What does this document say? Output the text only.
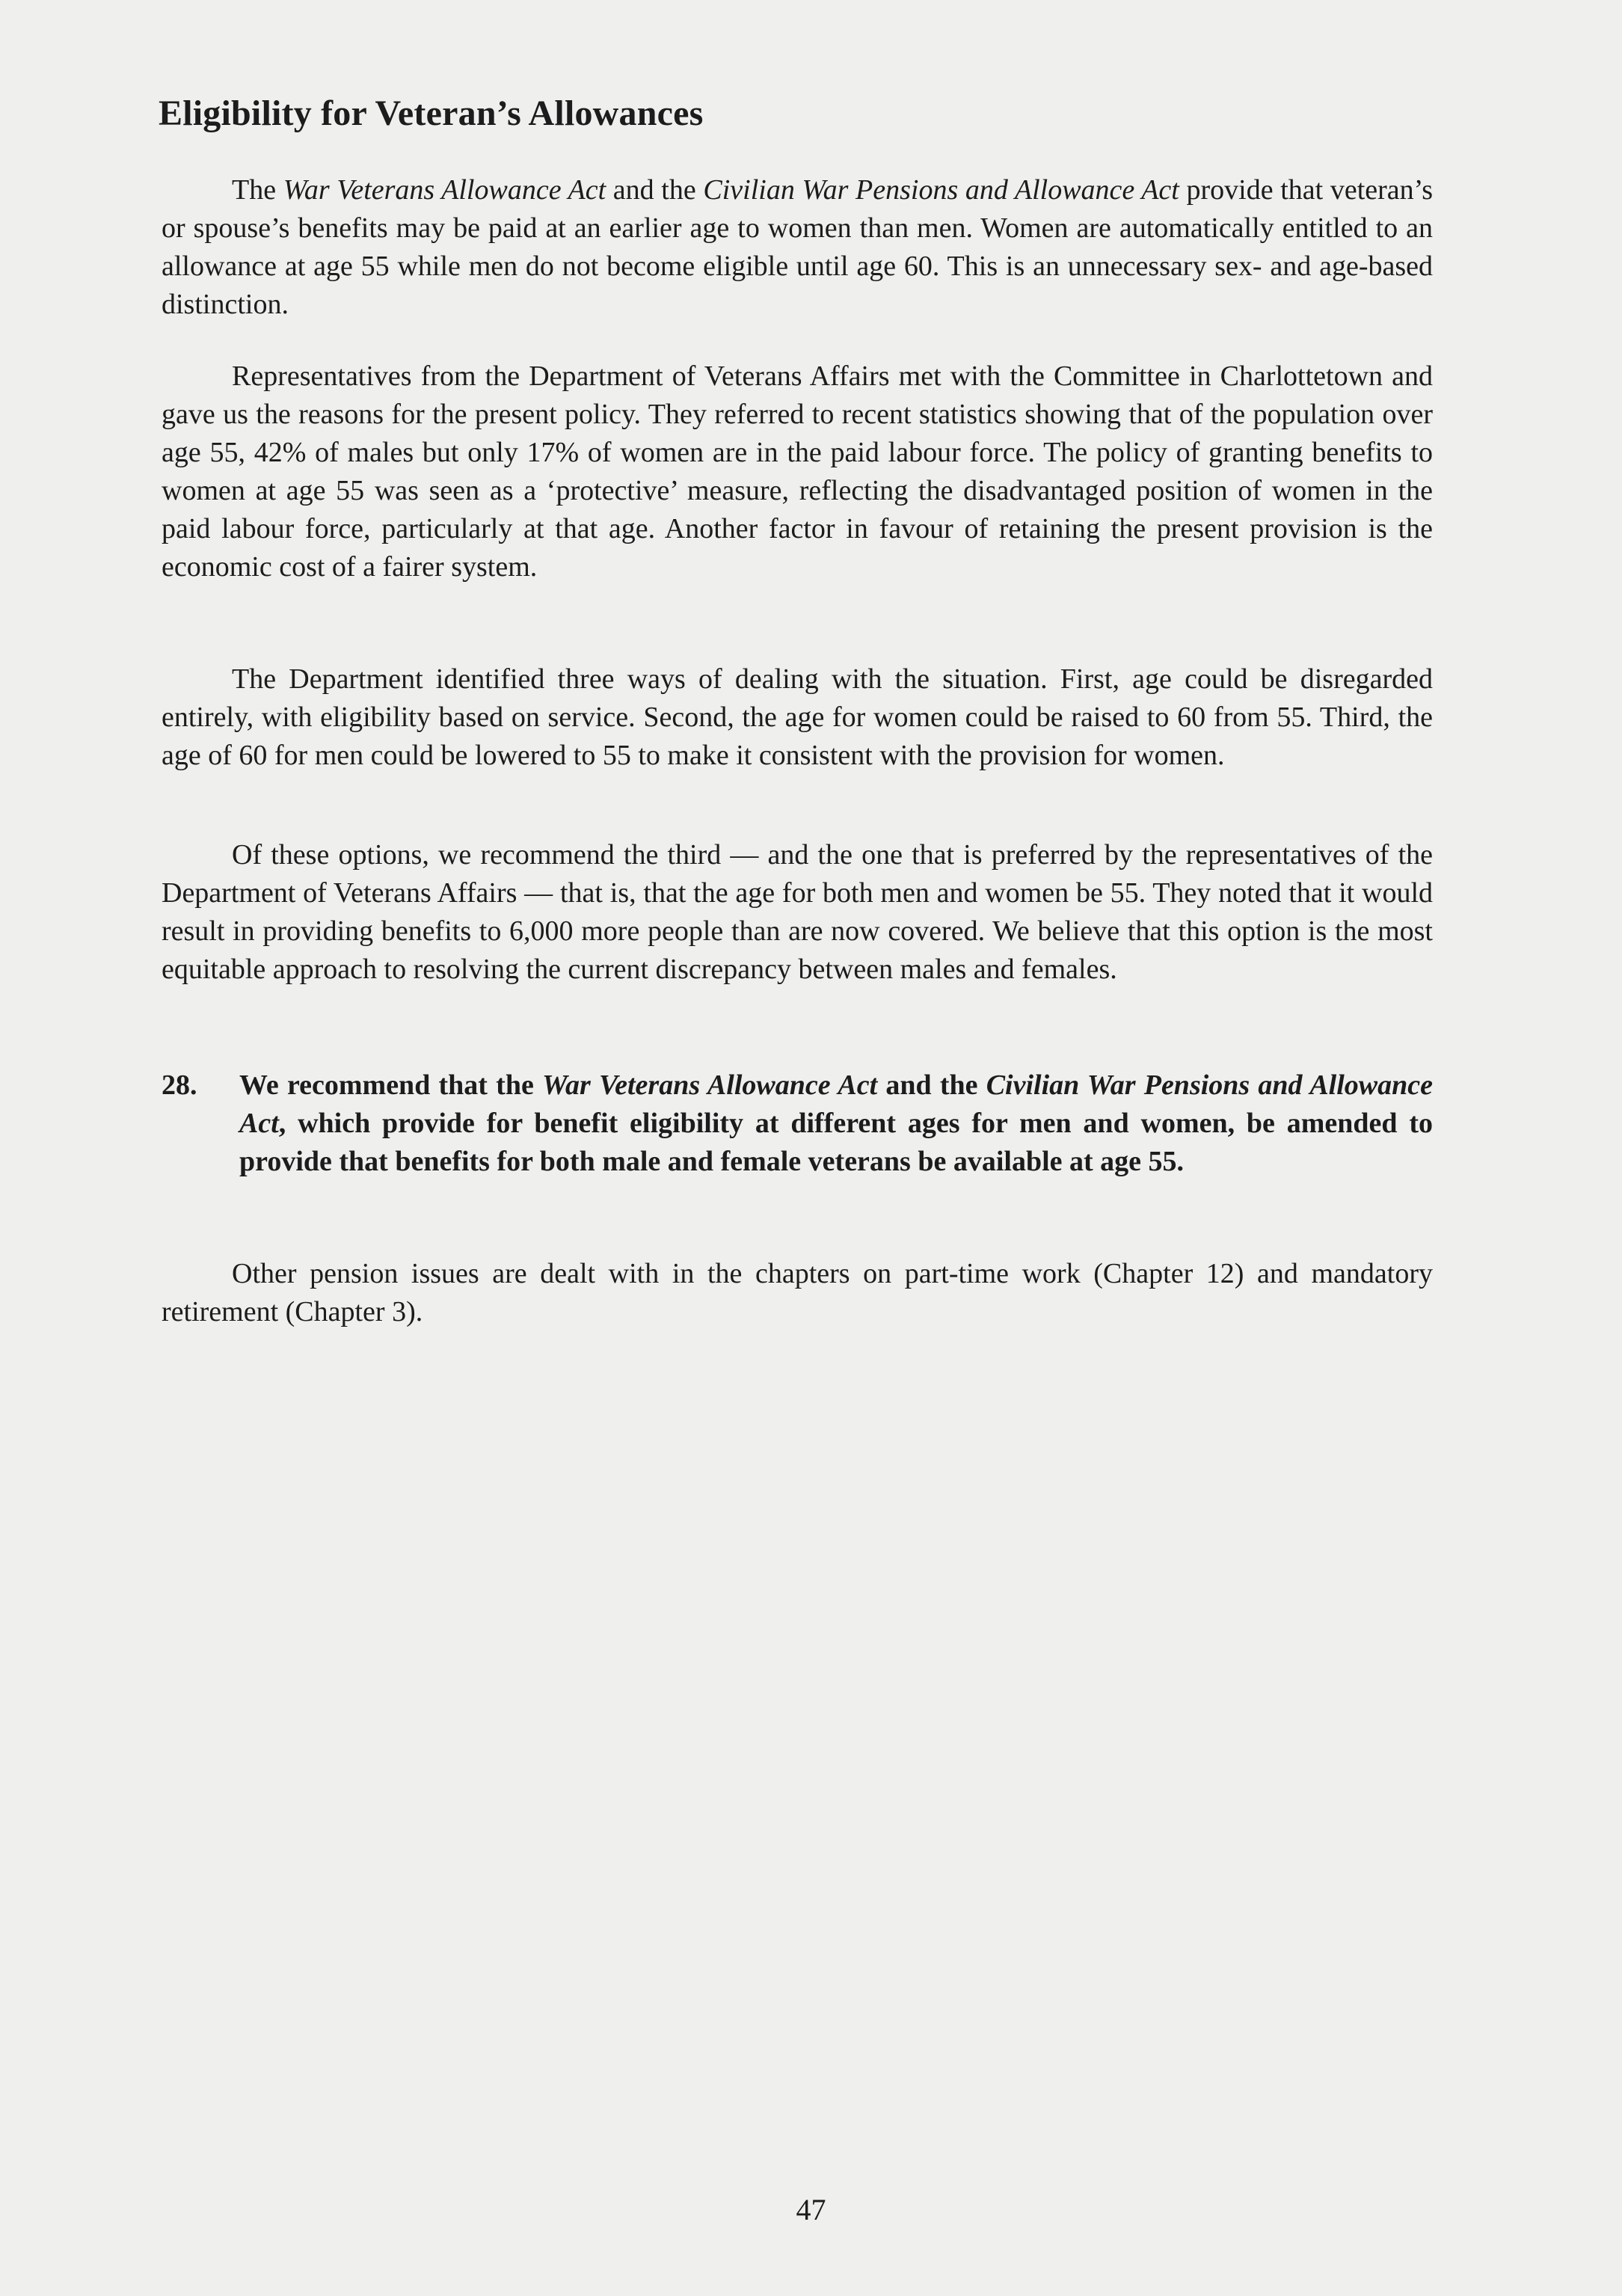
Eligibility for Veteran’s Allowances

The War Veterans Allowance Act and the Civilian War Pensions and Allowance Act provide that veteran’s or spouse’s benefits may be paid at an earlier age to women than men. Women are automatically entitled to an allowance at age 55 while men do not become eligible until age 60. This is an unnecessary sex- and age-based distinction.

Representatives from the Department of Veterans Affairs met with the Committee in Charlottetown and gave us the reasons for the present policy. They referred to recent statistics showing that of the population over age 55, 42% of males but only 17% of women are in the paid labour force. The policy of granting benefits to women at age 55 was seen as a ‘protective’ measure, reflecting the disadvantaged position of women in the paid labour force, particularly at that age. Another factor in favour of retaining the present provision is the economic cost of a fairer system.

The Department identified three ways of dealing with the situation. First, age could be disregarded entirely, with eligibility based on service. Second, the age for women could be raised to 60 from 55. Third, the age of 60 for men could be lowered to 55 to make it consistent with the provision for women.

Of these options, we recommend the third — and the one that is preferred by the representatives of the Department of Veterans Affairs — that is, that the age for both men and women be 55. They noted that it would result in providing benefits to 6,000 more people than are now covered. We believe that this option is the most equitable approach to resolving the current discrepancy between males and females.

28. We recommend that the War Veterans Allowance Act and the Civilian War Pensions and Allowance Act, which provide for benefit eligibility at different ages for men and women, be amended to provide that benefits for both male and female veterans be available at age 55.

Other pension issues are dealt with in the chapters on part-time work (Chapter 12) and mandatory retirement (Chapter 3).

47
